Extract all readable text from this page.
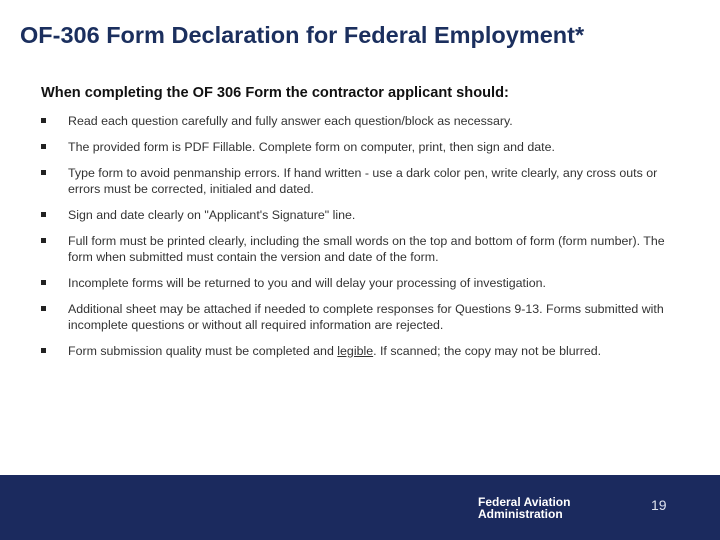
OF-306 Form Declaration for Federal Employment*
When completing the OF 306 Form the contractor applicant should:
Read each question carefully and fully answer each question/block as necessary.
The provided form is PDF Fillable. Complete form on computer, print, then sign and date.
Type form to avoid penmanship errors. If hand written - use a dark color pen, write clearly, any cross outs or errors must be corrected, initialed and dated.
Sign and date clearly on "Applicant's Signature" line.
Full form must be printed clearly, including the small words on the top and bottom of form (form number). The form when submitted must contain the version and date of the form.
Incomplete forms will be returned to you and will delay your processing of investigation.
Additional sheet may be attached if needed to complete responses for Questions 9-13. Forms submitted with incomplete questions or without all required information are rejected.
Form submission quality must be completed and legible. If scanned; the copy may not be blurred.
Federal Aviation
Administration
19
